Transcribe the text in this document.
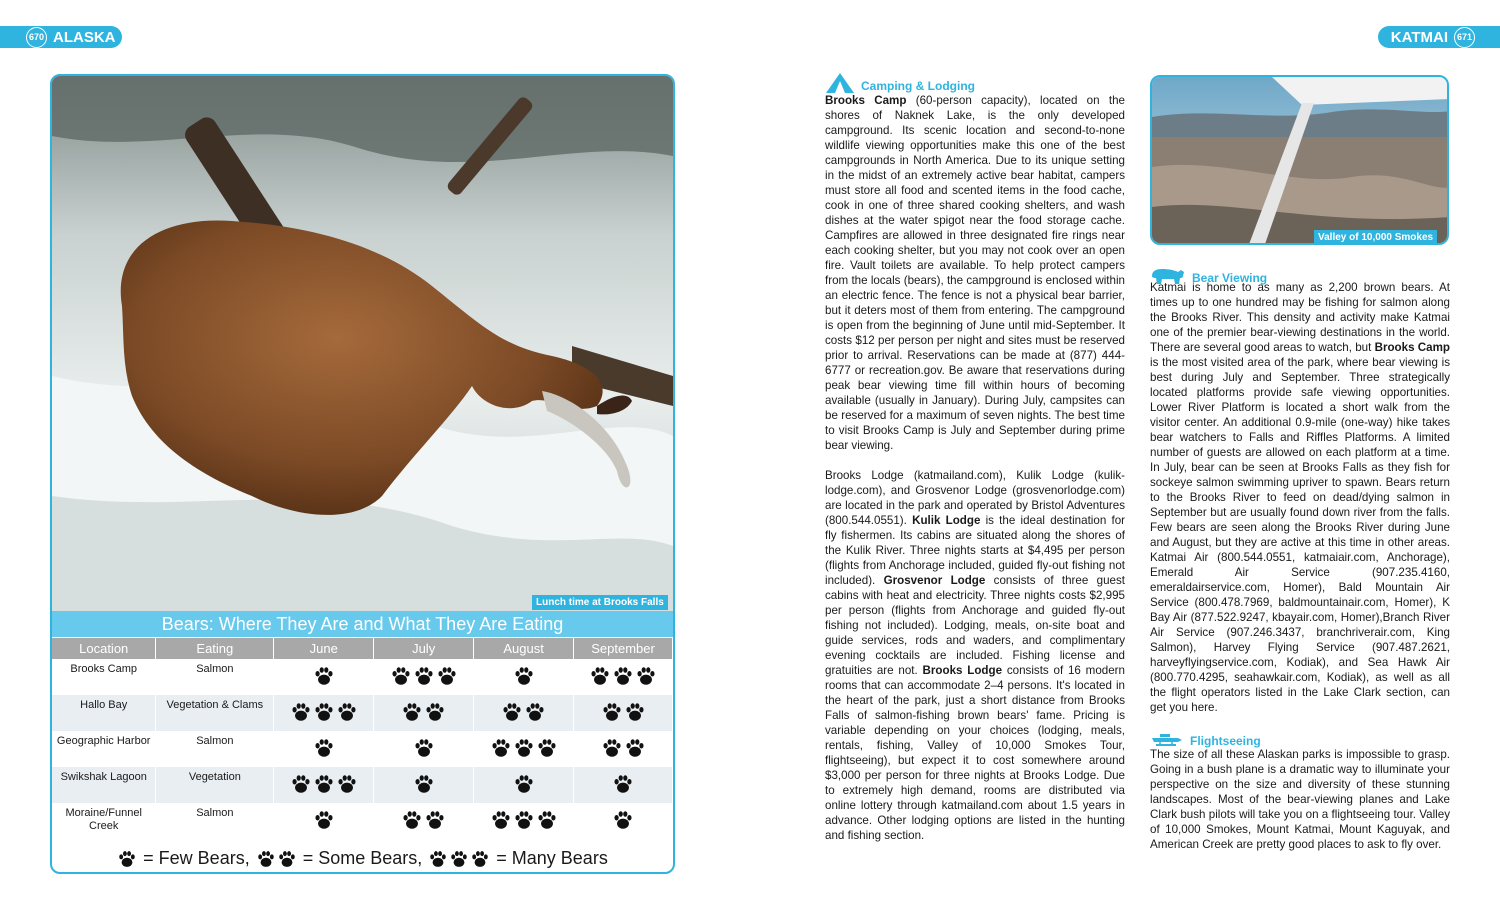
670 ALASKA	KATMAI 671
Lunch time at Brooks Falls
Bears: Where They Are and What They Are Eating
Location	Eating	June	July	August	September
Brooks Camp	Salmon	

Hallo Bay	Vegetation & Clams	

Geographic Harbor	Salmon	

Swikshak Lagoon	Vegetation	

Moraine/Funnel Creek	Salmon	

= Few Bears,	= Some Bears,	= Many Bears
Camping & Lodging

Brooks Camp (60-person capacity), located on the shores of Naknek Lake, is the only developed campground. Its scenic location and second-to-none wildlife viewing opportunities make this one of the best campgrounds in North America. Due to its unique setting in the midst of an extremely active bear habitat, campers must store all food and scented items in the food cache, cook in one of three shared cooking shelters, and wash dishes at the water spigot near the food storage cache. Campfires are allowed in three designated fire rings near each cooking shelter, but you may not cook over an open fire. Vault toilets are available. To help protect campers from the locals (bears), the campground is enclosed within an electric fence. The fence is not a physical bear barrier, but it deters most of them from entering. The campground is open from the beginning of June until mid-September. It costs $12 per person per night and sites must be reserved prior to arrival. Reservations can be made at (877) 444-6777 or recreation.gov. Be aware that reservations during peak bear viewing time fill within hours of becoming available (usually in January). During July, campsites can be reserved for a maximum of seven nights. The best time to visit Brooks Camp is July and September during prime bear viewing.

Brooks Lodge (katmailand.com), Kulik Lodge (kulik-lodge.com), and Grosvenor Lodge (grosvenorlodge.com) are located in the park and operated by Bristol Adventures (800.544.0551). Kulik Lodge is the ideal destination for fly fishermen. Its cabins are situated along the shores of the Kulik River. Three nights starts at $4,495 per person (flights from Anchorage included, guided fly-out fishing not included). Grosvenor Lodge consists of three guest cabins with heat and electricity. Three nights costs $2,995 per person (flights from Anchorage and guided fly-out fishing not included). Lodging, meals, on-site boat and guide services, rods and waders, and complimentary evening cocktails are included. Fishing license and gratuities are not. Brooks Lodge consists of 16 modern rooms that can accommodate 2–4 persons. It's located in the heart of the park, just a short distance from Brooks Falls of salmon-fishing brown bears' fame. Pricing is variable depending on your choices (lodging, meals, rentals, fishing, Valley of 10,000 Smokes Tour, flightseeing), but expect it to cost somewhere around $3,000 per person for three nights at Brooks Lodge. Due to extremely high demand, rooms are distributed via online lottery through katmailand.com about 1.5 years in advance. Other lodging options are listed in the hunting and fishing section.

Valley of 10,000 Smokes
Bear Viewing

Katmai is home to as many as 2,200 brown bears. At times up to one hundred may be fishing for salmon along the Brooks River. This density and activity make Katmai one of the premier bear-viewing destinations in the world. There are several good areas to watch, but Brooks Camp is the most visited area of the park, where bear viewing is best during July and September. Three strategically located platforms provide safe viewing opportunities. Lower River Platform is located a short walk from the visitor center. An additional 0.9-mile (one-way) hike takes bear watchers to Falls and Riffles Platforms. A limited number of guests are allowed on each platform at a time. In July, bear can be seen at Brooks Falls as they fish for sockeye salmon swimming upriver to spawn. Bears return to the Brooks River to feed on dead/dying salmon in September but are usually found down river from the falls. Few bears are seen along the Brooks River during June and August, but they are active at this time in other areas. Katmai Air (800.544.0551, katmaiair.com, Anchorage), Emerald Air Service (907.235.4160, emeraldairservice.com, Homer), Bald Mountain Air Service (800.478.7969, baldmountainair.com, Homer), K Bay Air (877.522.9247, kbayair.com, Homer),Branch River Air Service (907.246.3437, branchriverair.com, King Salmon), Harvey Flying Service (907.487.2621, harveyflyingservice.com, Kodiak), and Sea Hawk Air (800.770.4295, seahawkair.com, Kodiak), as well as all the flight operators listed in the Lake Clark section, can get you here.

Flightseeing

The size of all these Alaskan parks is impossible to grasp. Going in a bush plane is a dramatic way to illuminate your perspective on the size and diversity of these stunning landscapes. Most of the bear-viewing planes and Lake Clark bush pilots will take you on a flightseeing tour. Valley of 10,000 Smokes, Mount Katmai, Mount Kaguyak, and American Creek are pretty good places to ask to fly over.
